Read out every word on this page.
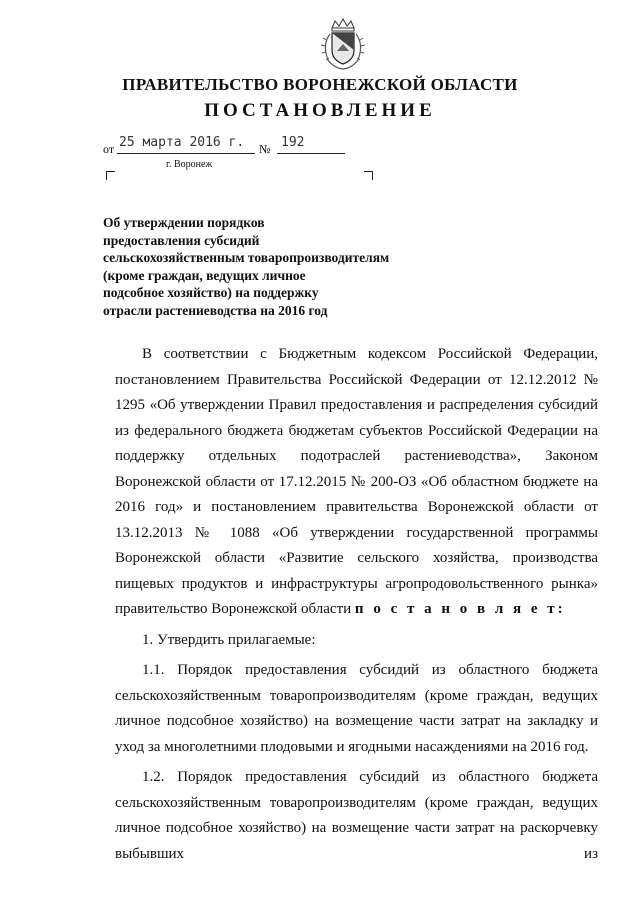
ПРАВИТЕЛЬСТВО ВОРОНЕЖСКОЙ ОБЛАСТИ
ПОСТАНОВЛЕНИЕ
от 25 марта 2016 г. № 192
г. Воронеж
Об утверждении порядков
предоставления субсидий
сельскохозяйственным товаропроизводителям
(кроме граждан, ведущих личное
подсобное хозяйство) на поддержку
отрасли растениеводства на 2016 год

В соответствии с Бюджетным кодексом Российской Федерации, постановлением Правительства Российской Федерации от 12.12.2012 № 1295 «Об утверждении Правил предоставления и распределения субсидий из федерального бюджета бюджетам субъектов Российской Федерации на поддержку отдельных подотраслей растениеводства», Законом Воронежской области от 17.12.2015 № 200-ОЗ «Об областном бюджете на 2016 год» и постановлением правительства Воронежской области от 13.12.2013 № 1088 «Об утверждении государственной программы Воронежской области «Развитие сельского хозяйства, производства пищевых продуктов и инфраструктуры агропродовольственного рынка» правительство Воронежской области п о с т а н о в л я е т:

1. Утвердить прилагаемые:

1.1. Порядок предоставления субсидий из областного бюджета сельскохозяйственным товаропроизводителям (кроме граждан, ведущих личное подсобное хозяйство) на возмещение части затрат на закладку и уход за многолетними плодовыми и ягодными насаждениями на 2016 год.

1.2. Порядок предоставления субсидий из областного бюджета сельскохозяйственным товаропроизводителям (кроме граждан, ведущих личное подсобное хозяйство) на возмещение части затрат на раскорчевку выбывших из
